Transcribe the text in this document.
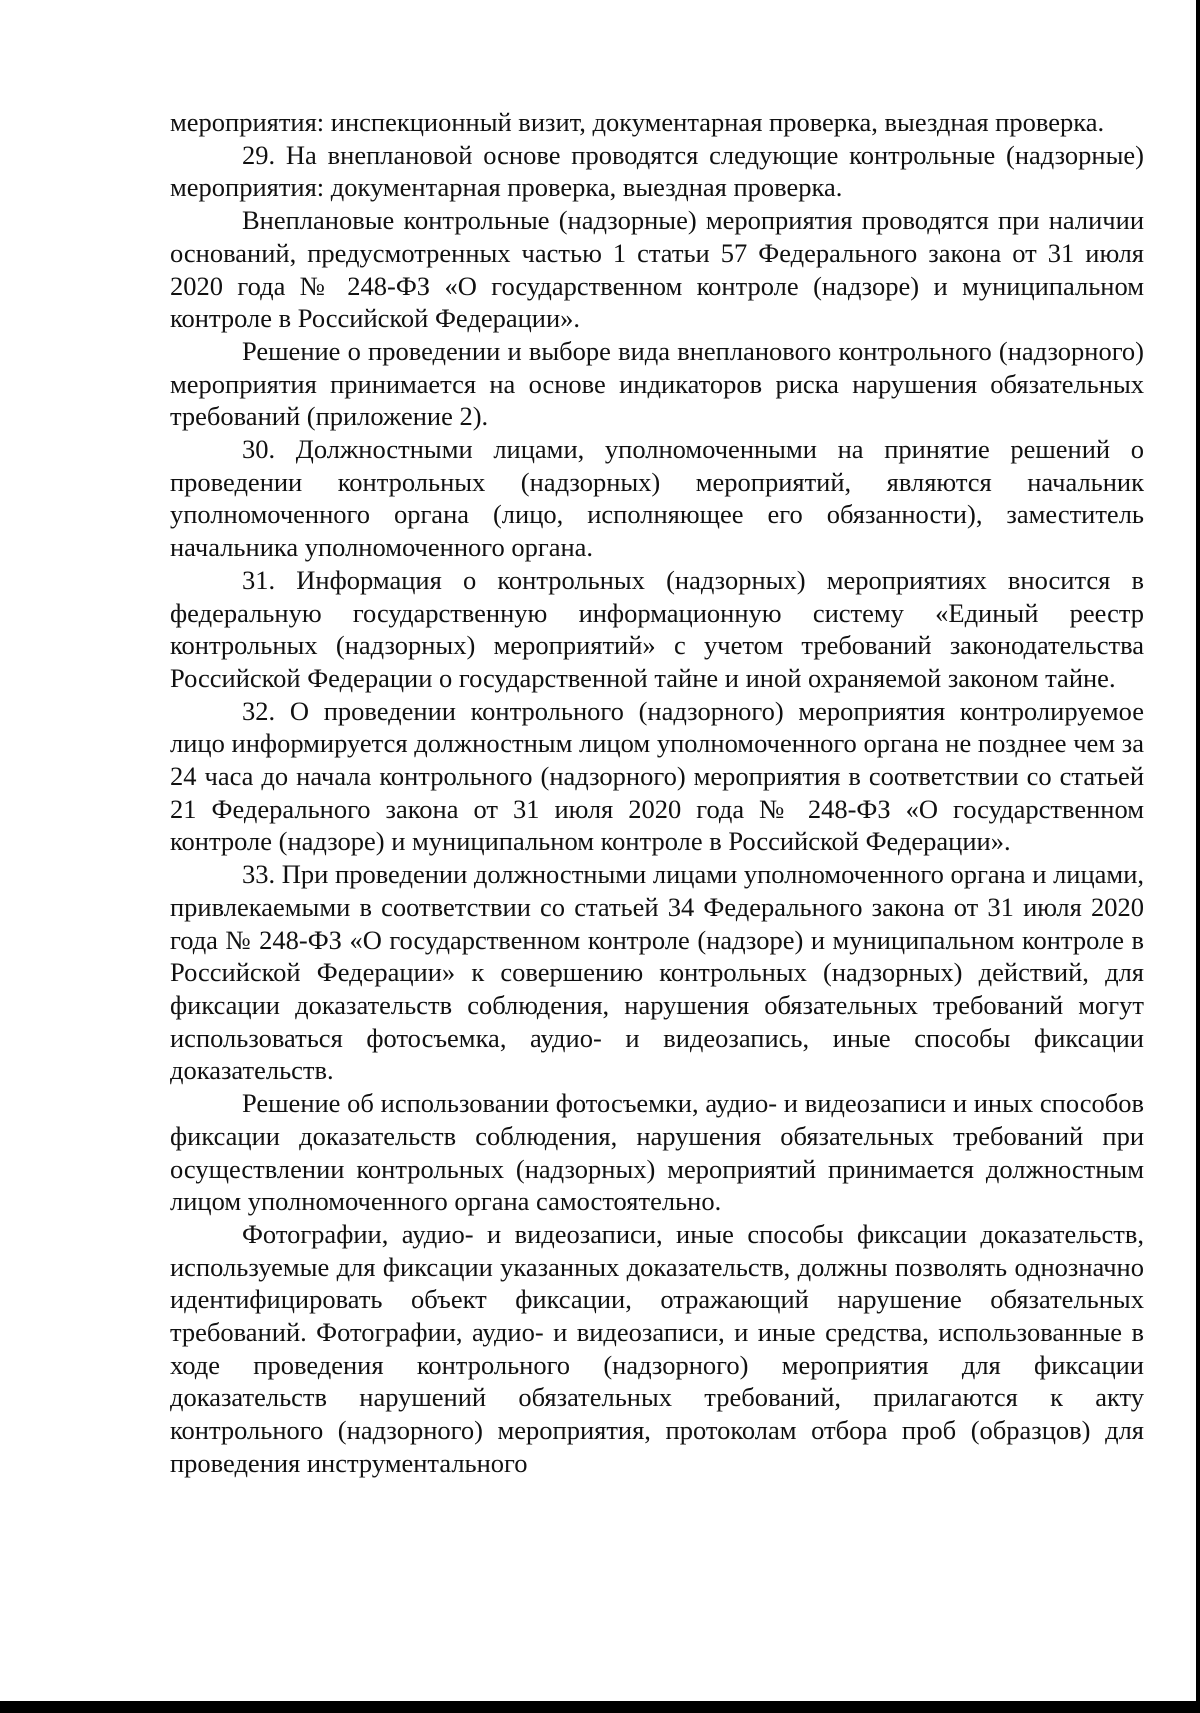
мероприятия: инспекционный визит, документарная проверка, выездная проверка.

29. На внеплановой основе проводятся следующие контрольные (надзорные) мероприятия: документарная проверка, выездная проверка.

Внеплановые контрольные (надзорные) мероприятия проводятся при наличии оснований, предусмотренных частью 1 статьи 57 Федерального закона от 31 июля 2020 года № 248-ФЗ «О государственном контроле (надзоре) и муниципальном контроле в Российской Федерации».

Решение о проведении и выборе вида внепланового контрольного (надзорного) мероприятия принимается на основе индикаторов риска нарушения обязательных требований (приложение 2).

30. Должностными лицами, уполномоченными на принятие решений о проведении контрольных (надзорных) мероприятий, являются начальник уполномоченного органа (лицо, исполняющее его обязанности), заместитель начальника уполномоченного органа.

31. Информация о контрольных (надзорных) мероприятиях вносится в федеральную государственную информационную систему «Единый реестр контрольных (надзорных) мероприятий» с учетом требований законодательства Российской Федерации о государственной тайне и иной охраняемой законом тайне.

32. О проведении контрольного (надзорного) мероприятия контролируемое лицо информируется должностным лицом уполномоченного органа не позднее чем за 24 часа до начала контрольного (надзорного) мероприятия в соответствии со статьей 21 Федерального закона от 31 июля 2020 года № 248-ФЗ «О государственном контроле (надзоре) и муниципальном контроле в Российской Федерации».

33. При проведении должностными лицами уполномоченного органа и лицами, привлекаемыми в соответствии со статьей 34 Федерального закона от 31 июля 2020 года № 248-ФЗ «О государственном контроле (надзоре) и муниципальном контроле в Российской Федерации» к совершению контрольных (надзорных) действий, для фиксации доказательств соблюдения, нарушения обязательных требований могут использоваться фотосъемка, аудио- и видеозапись, иные способы фиксации доказательств.

Решение об использовании фотосъемки, аудио- и видеозаписи и иных способов фиксации доказательств соблюдения, нарушения обязательных требований при осуществлении контрольных (надзорных) мероприятий принимается должностным лицом уполномоченного органа самостоятельно.

Фотографии, аудио- и видеозаписи, иные способы фиксации доказательств, используемые для фиксации указанных доказательств, должны позволять однозначно идентифицировать объект фиксации, отражающий нарушение обязательных требований. Фотографии, аудио- и видеозаписи, и иные средства, использованные в ходе проведения контрольного (надзорного) мероприятия для фиксации доказательств нарушений обязательных требований, прилагаются к акту контрольного (надзорного) мероприятия, протоколам отбора проб (образцов) для проведения инструментального
